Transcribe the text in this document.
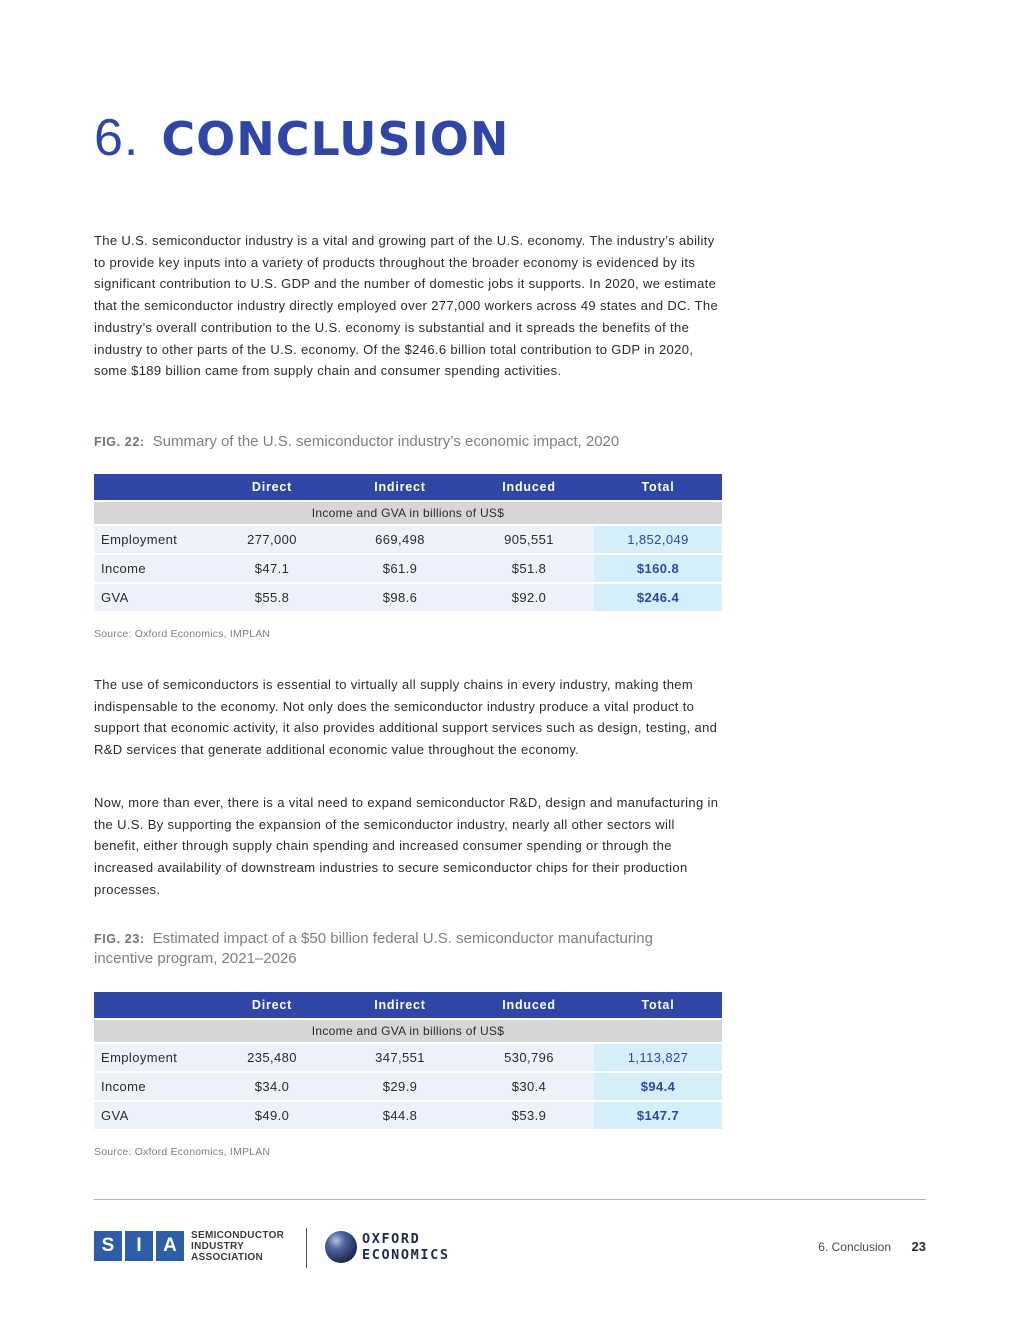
6. CONCLUSION

The U.S. semiconductor industry is a vital and growing part of the U.S. economy. The industry’s ability to provide key inputs into a variety of products throughout the broader economy is evidenced by its significant contribution to U.S. GDP and the number of domestic jobs it supports. In 2020, we estimate that the semiconductor industry directly employed over 277,000 workers across 49 states and DC. The industry’s overall contribution to the U.S. economy is substantial and it spreads the benefits of the industry to other parts of the U.S. economy. Of the $246.6 billion total contribution to GDP in 2020, some $189 billion came from supply chain and consumer spending activities.

FIG. 22: Summary of the U.S. semiconductor industry’s economic impact, 2020

	Direct	Indirect	Induced	Total
Income and GVA in billions of US$				
Employment	277,000	669,498	905,551	1,852,049
Income	$47.1	$61.9	$51.8	$160.8
GVA	$55.8	$98.6	$92.0	$246.4

Source: Oxford Economics, IMPLAN

The use of semiconductors is essential to virtually all supply chains in every industry, making them indispensable to the economy. Not only does the semiconductor industry produce a vital product to support that economic activity, it also provides additional support services such as design, testing, and R&D services that generate additional economic value throughout the economy.

Now, more than ever, there is a vital need to expand semiconductor R&D, design and manufacturing in the U.S. By supporting the expansion of the semiconductor industry, nearly all other sectors will benefit, either through supply chain spending and increased consumer spending or through the increased availability of downstream industries to secure semiconductor chips for their production processes.

FIG. 23: Estimated impact of a $50 billion federal U.S. semiconductor manufacturing incentive program, 2021–2026

	Direct	Indirect	Induced	Total
Income and GVA in billions of US$				
Employment	235,480	347,551	530,796	1,113,827
Income	$34.0	$29.9	$30.4	$94.4
GVA	$49.0	$44.8	$53.9	$147.7

Source: Oxford Economics, IMPLAN

S	I	A	SEMICONDUCTOR
INDUSTRY
ASSOCIATION
OXFORD
ECONOMICS	6. Conclusion 23
